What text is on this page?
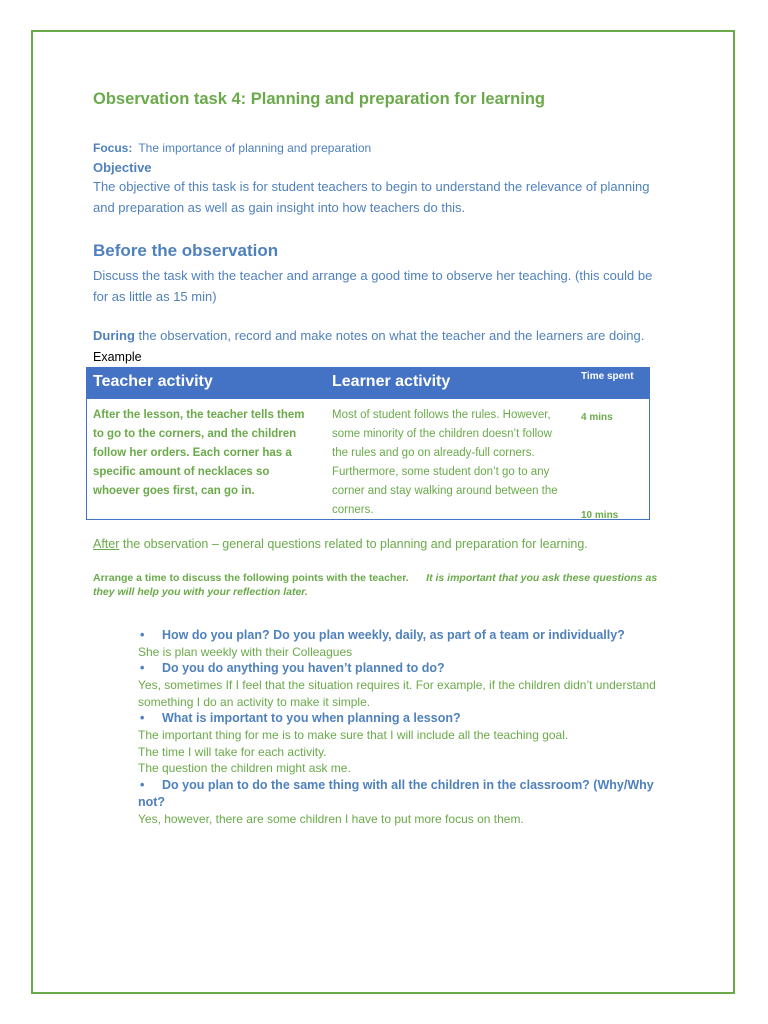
Observation task 4: Planning and preparation for learning

Focus: The importance of planning and preparation

Objective

The objective of this task is for student teachers to begin to understand the relevance of planning and preparation as well as gain insight into how teachers do this.

Before the observation

Discuss the task with the teacher and arrange a good time to observe her teaching. (this could be for as little as 15 min)

During the observation, record and make notes on what the teacher and the learners are doing.

Example

Teacher activity	Learner activity	Time spent
After the lesson, the teacher tells them to go to the corners, and the children follow her orders. Each corner has a specific amount of necklaces so whoever goes first, can go in.
Most of student follows the rules. However, some minority of the children doesn’t follow the rules and go on already-full corners. Furthermore, some student don’t go to any corner and stay walking around between the corners.
4 mins
10 mins

After the observation – general questions related to planning and preparation for learning.

Arrange a time to discuss the following points with the teacher. It is important that you ask these questions as they will help you with your reflection later.

• How do you plan? Do you plan weekly, daily, as part of a team or individually?

She is plan weekly with their Colleagues

• Do you do anything you haven’t planned to do?

Yes, sometimes If I feel that the situation requires it. For example, if the children didn’t understand something I do an activity to make it simple.

• What is important to you when planning a lesson?

The important thing for me is to make sure that I will include all the teaching goal.

The time I will take for each activity.

The question the children might ask me.

• Do you plan to do the same thing with all the children in the classroom? (Why/Why not?

Yes, however, there are some children I have to put more focus on them.
